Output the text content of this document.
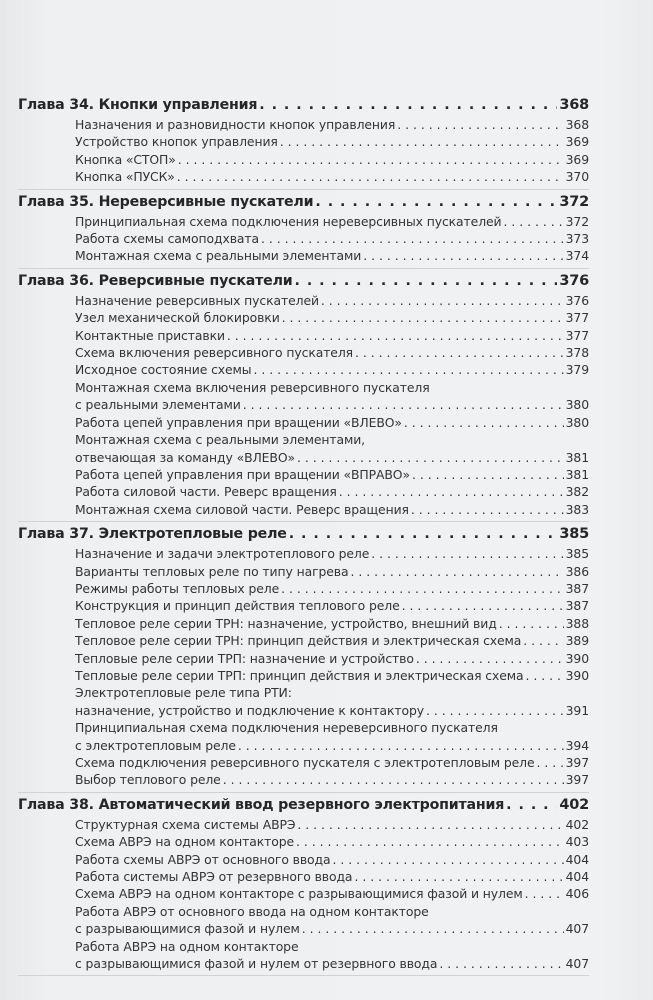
Глава 34. Кнопки управления . . .	368
Назначения и разновидности кнопок управления . . .	368
Устройство кнопок управления . . .	369
Кнопка «СТОП» . . .	369
Кнопка «ПУСК» . . .	370
Глава 35. Нереверсивные пускатели . . .	372
Принципиальная схема подключения нереверсивных пускателей . . .	372
Работа схемы самоподхвата . . .	373
Монтажная схема с реальными элементами . . .	374
Глава 36. Реверсивные пускатели . . .	376
Назначение реверсивных пускателей . . .	376
Узел механической блокировки . . .	377
Контактные приставки . . .	377
Схема включения реверсивного пускателя . . .	378
Исходное состояние схемы . . .	379
Монтажная схема включения реверсивного пускателя
с реальными элементами . . .	380
Работа цепей управления при вращении «ВЛЕВО» . . .	380
Монтажная схема с реальными элементами,
отвечающая за команду «ВЛЕВО» . . .	381
Работа цепей управления при вращении «ВПРАВО» . . .	381
Работа силовой части. Реверс вращения . . .	382
Монтажная схема силовой части. Реверс вращения . . .	383
Глава 37. Электротепловые реле . . .	385
Назначение и задачи электротеплового реле . . .	385
Варианты тепловых реле по типу нагрева . . .	386
Режимы работы тепловых реле . . .	387
Конструкция и принцип действия теплового реле . . .	387
Тепловое реле серии ТРН: назначение, устройство, внешний вид . . .	388
Тепловое реле серии ТРН: принцип действия и электрическая схема . . .	389
Тепловые реле серии ТРП: назначение и устройство . . .	390
Тепловые реле серии ТРП: принцип действия и электрическая схема . . .	390
Электротепловые реле типа РТИ:
назначение, устройство и подключение к контактору . . .	391
Принципиальная схема подключения нереверсивного пускателя
с электротепловым реле . . .	394
Схема подключения реверсивного пускателя с электротепловым реле . . .	397
Выбор теплового реле . . .	397
Глава 38. Автоматический ввод резервного электропитания . . .	402
Структурная схема системы АВРЭ . . .	402
Схема АВРЭ на одном контакторе . . .	403
Работа схемы АВРЭ от основного ввода . . .	404
Работа системы АВРЭ от резервного ввода . . .	404
Схема АВРЭ на одном контакторе с разрывающимися фазой и нулем . . .	406
Работа АВРЭ от основного ввода на одном контакторе
с разрывающимися фазой и нулем . . .	407
Работа АВРЭ на одном контакторе
с разрывающимися фазой и нулем от резервного ввода . . .	407
